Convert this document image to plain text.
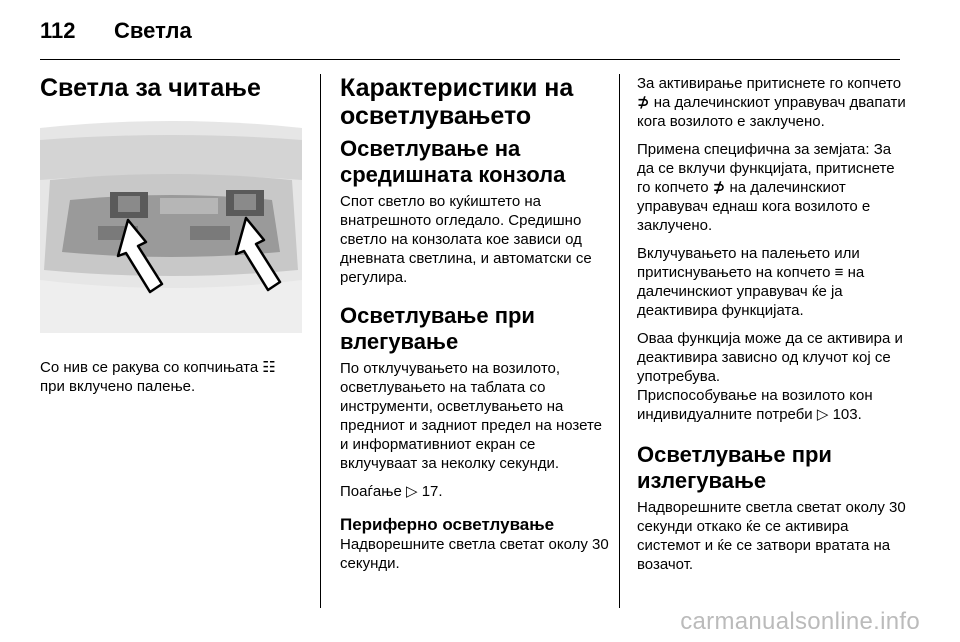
112 Светла
Светла за читање

Со нив се ракува со копчињата ☷ при вклучено палење.

Карактеристики на осветлувањето
Осветлување на средишната конзола

Спот светло во куќиштето на внатрешното огледало. Средишно светло на конзолата кое зависи од дневната светлина, и автоматски се регулира.

Осветлување при влегување

По отклучувањето на возилото, осветлувањето на таблата со инструменти, осветлувањето на предниот и задниот предел на нозете и информативниот екран се вклучуваат за неколку секунди.

Поаѓање ▷ 17.

Периферно осветлување

Надворешните светла светат околу 30 секунди.

За активирање притиснете го копчето ⊅ на далечинскиот управувач двапати кога возилото е заклучено.

Примена специфична за земјата: За да се вклучи функцијата, притиснете го копчето ⊅ на далечинскиот управувач еднаш кога возилото е заклучено.

Вклучувањето на палењето или притиснувањето на копчето ≡ на далечинскиот управувач ќе ја деактивира функцијата.

Оваа функција може да се активира и деактивира зависно од клучот кој се употребува.

Приспособување на возилото кон индивидуалните потреби ▷ 103.

Осветлување при излегување

Надворешните светла светат околу 30 секунди откако ќе се активира системот и ќе се затвори вратата на возачот.

carmanualsonline.info
